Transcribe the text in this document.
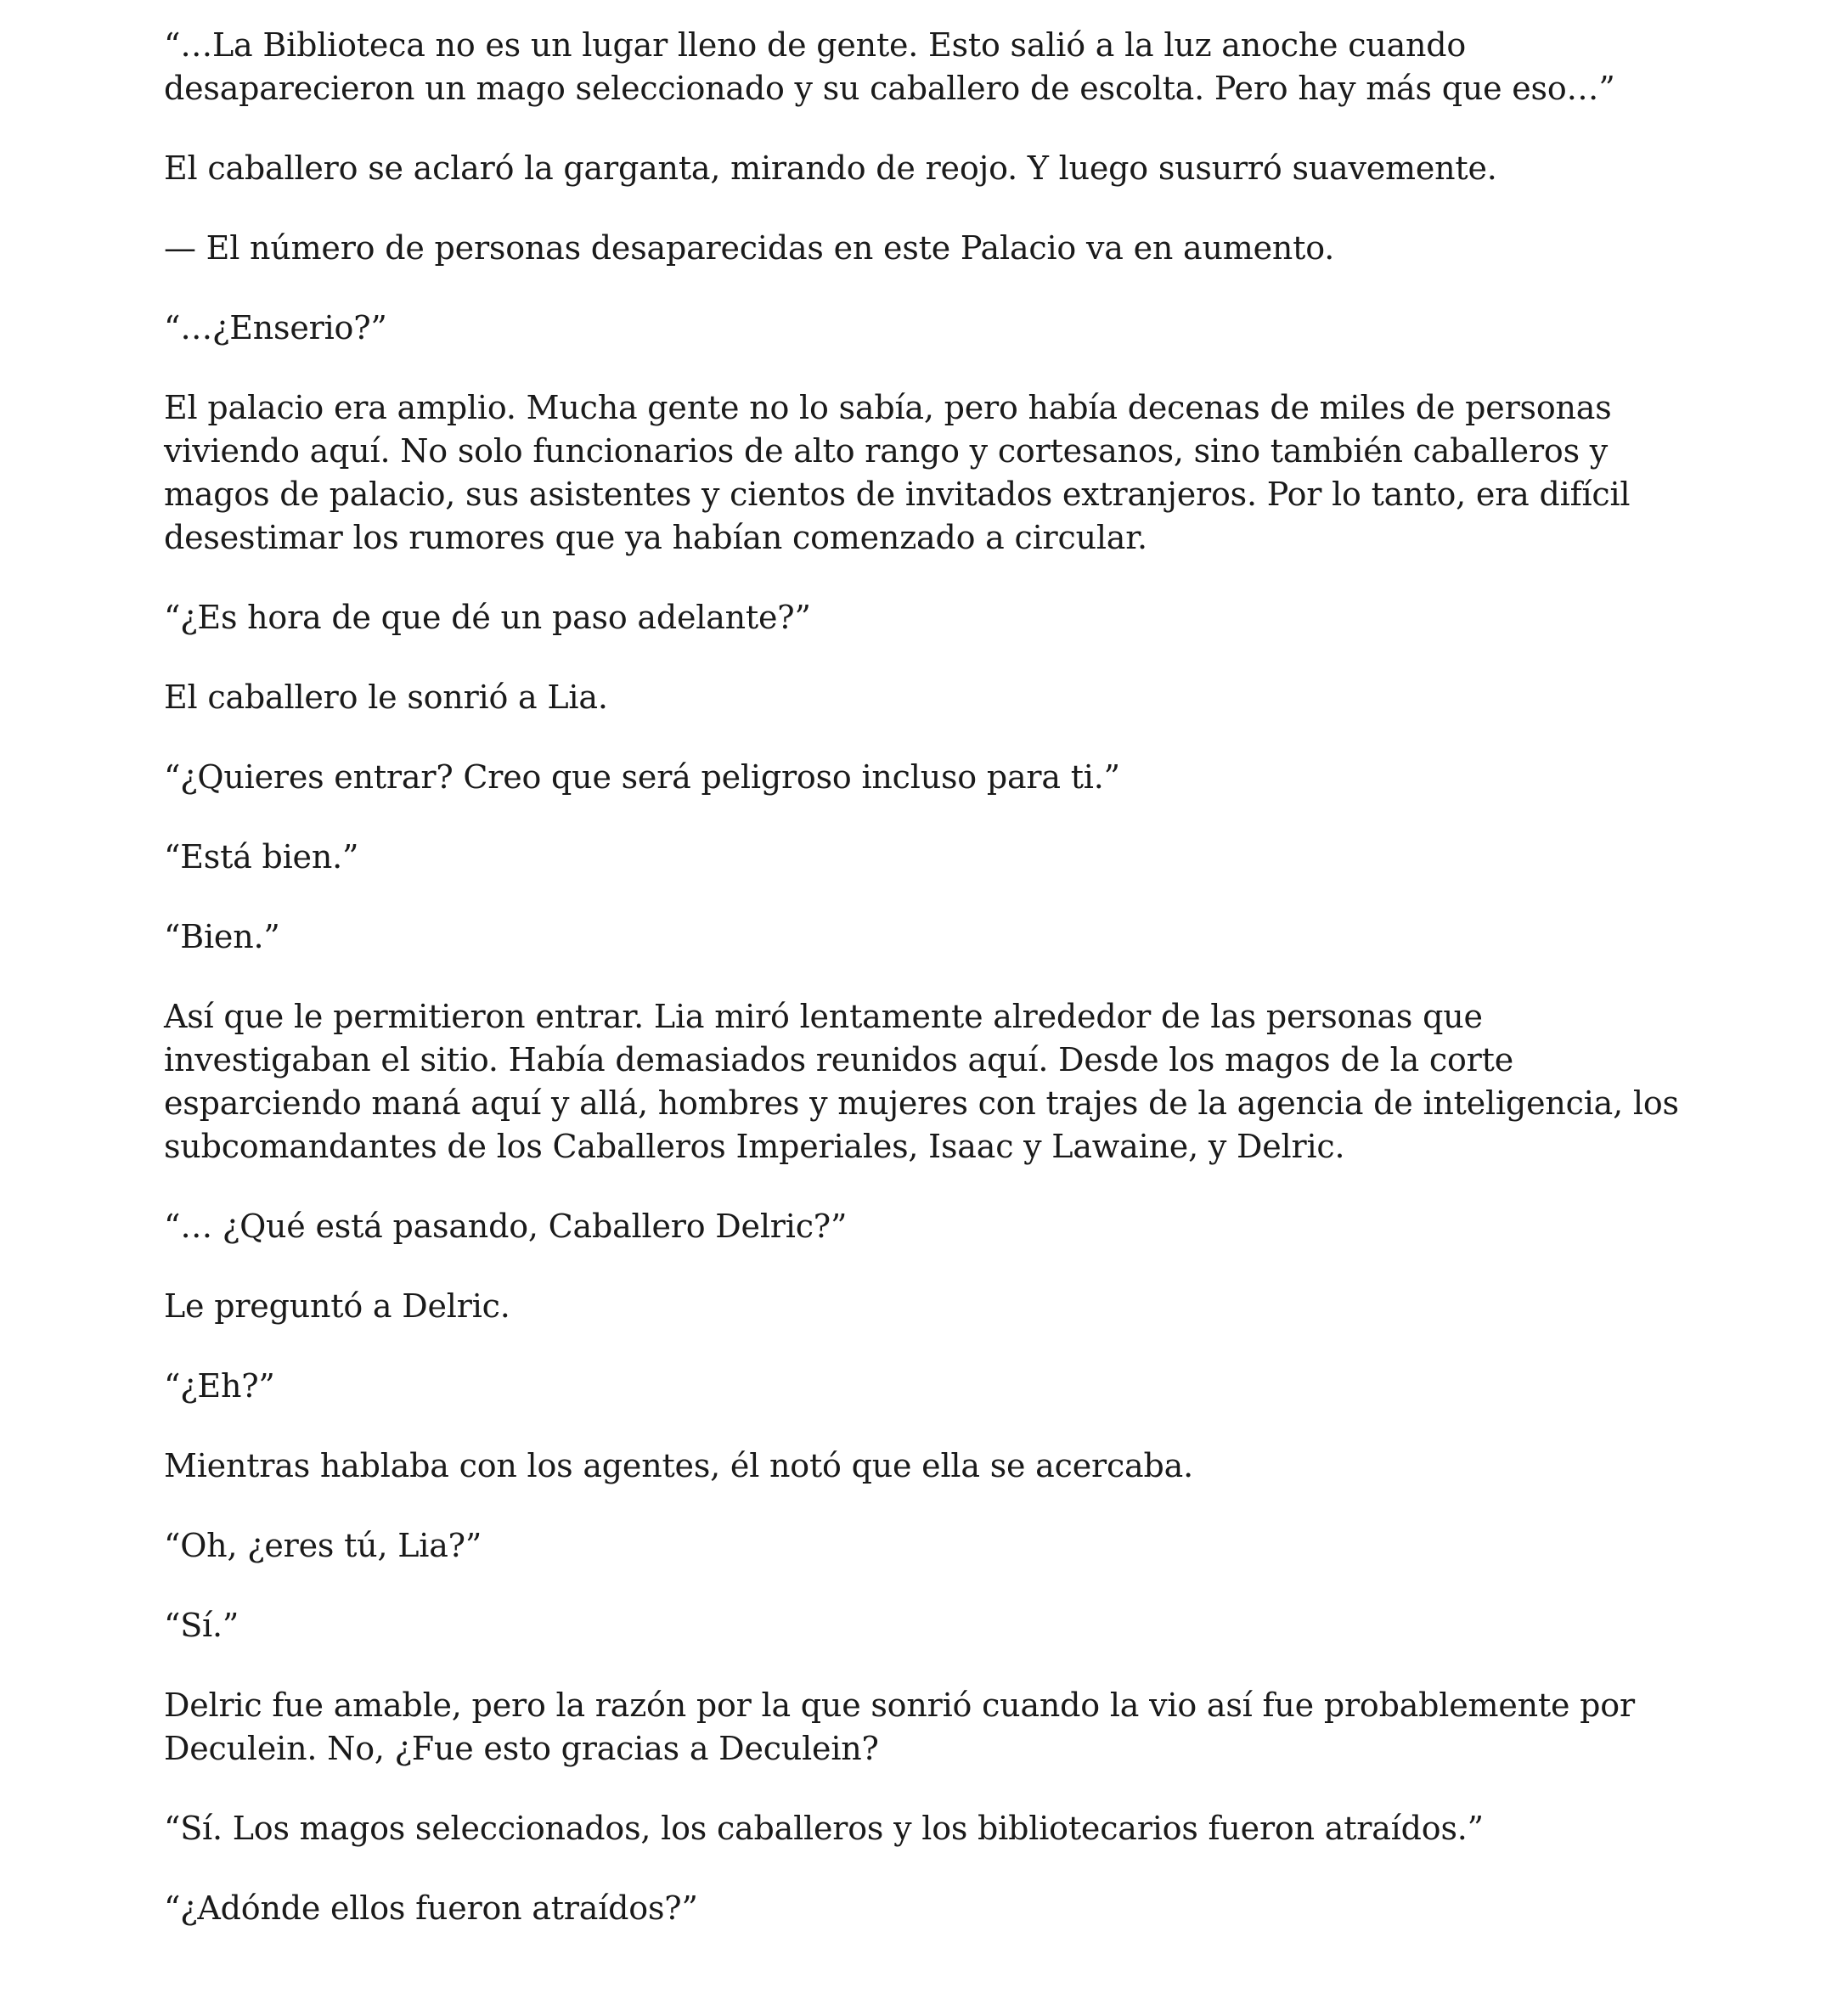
“…La Biblioteca no es un lugar lleno de gente. Esto salió a la luz anoche cuando desaparecieron un mago seleccionado y su caballero de escolta. Pero hay más que eso…”

El caballero se aclaró la garganta, mirando de reojo. Y luego susurró suavemente.

— El número de personas desaparecidas en este Palacio va en aumento.

“…¿Enserio?”

El palacio era amplio. Mucha gente no lo sabía, pero había decenas de miles de personas viviendo aquí. No solo funcionarios de alto rango y cortesanos, sino también caballeros y magos de palacio, sus asistentes y cientos de invitados extranjeros. Por lo tanto, era difícil desestimar los rumores que ya habían comenzado a circular.

“¿Es hora de que dé un paso adelante?”

El caballero le sonrió a Lia.

“¿Quieres entrar? Creo que será peligroso incluso para ti.”

“Está bien.”

“Bien.”

Así que le permitieron entrar. Lia miró lentamente alrededor de las personas que investigaban el sitio. Había demasiados reunidos aquí. Desde los magos de la corte esparciendo maná aquí y allá, hombres y mujeres con trajes de la agencia de inteligencia, los subcomandantes de los Caballeros Imperiales, Isaac y Lawaine, y Delric.

“… ¿Qué está pasando, Caballero Delric?”

Le preguntó a Delric.

“¿Eh?”

Mientras hablaba con los agentes, él notó que ella se acercaba.

“Oh, ¿eres tú, Lia?”

“Sí.”

Delric fue amable, pero la razón por la que sonrió cuando la vio así fue probablemente por Deculein. No, ¿Fue esto gracias a Deculein?

“Sí. Los magos seleccionados, los caballeros y los bibliotecarios fueron atraídos.”

“¿Adónde ellos fueron atraídos?”
